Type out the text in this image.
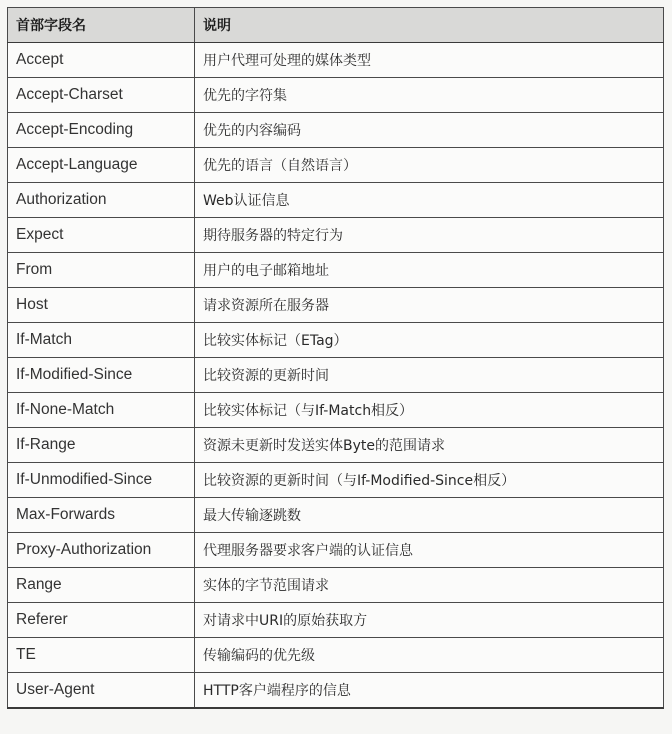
首部字段名	说明
Accept	用户代理可处理的媒体类型
Accept-Charset	优先的字符集
Accept-Encoding	优先的内容编码
Accept-Language	优先的语言（自然语言）
Authorization	Web认证信息
Expect	期待服务器的特定行为
From	用户的电子邮箱地址
Host	请求资源所在服务器
If-Match	比较实体标记（ETag）
If-Modified-Since	比较资源的更新时间
If-None-Match	比较实体标记（与If-Match相反）
If-Range	资源未更新时发送实体Byte的范围请求
If-Unmodified-Since	比较资源的更新时间（与If-Modified-Since相反）
Max-Forwards	最大传输逐跳数
Proxy-Authorization	代理服务器要求客户端的认证信息
Range	实体的字节范围请求
Referer	对请求中URI的原始获取方
TE	传输编码的优先级
User-Agent	HTTP客户端程序的信息
